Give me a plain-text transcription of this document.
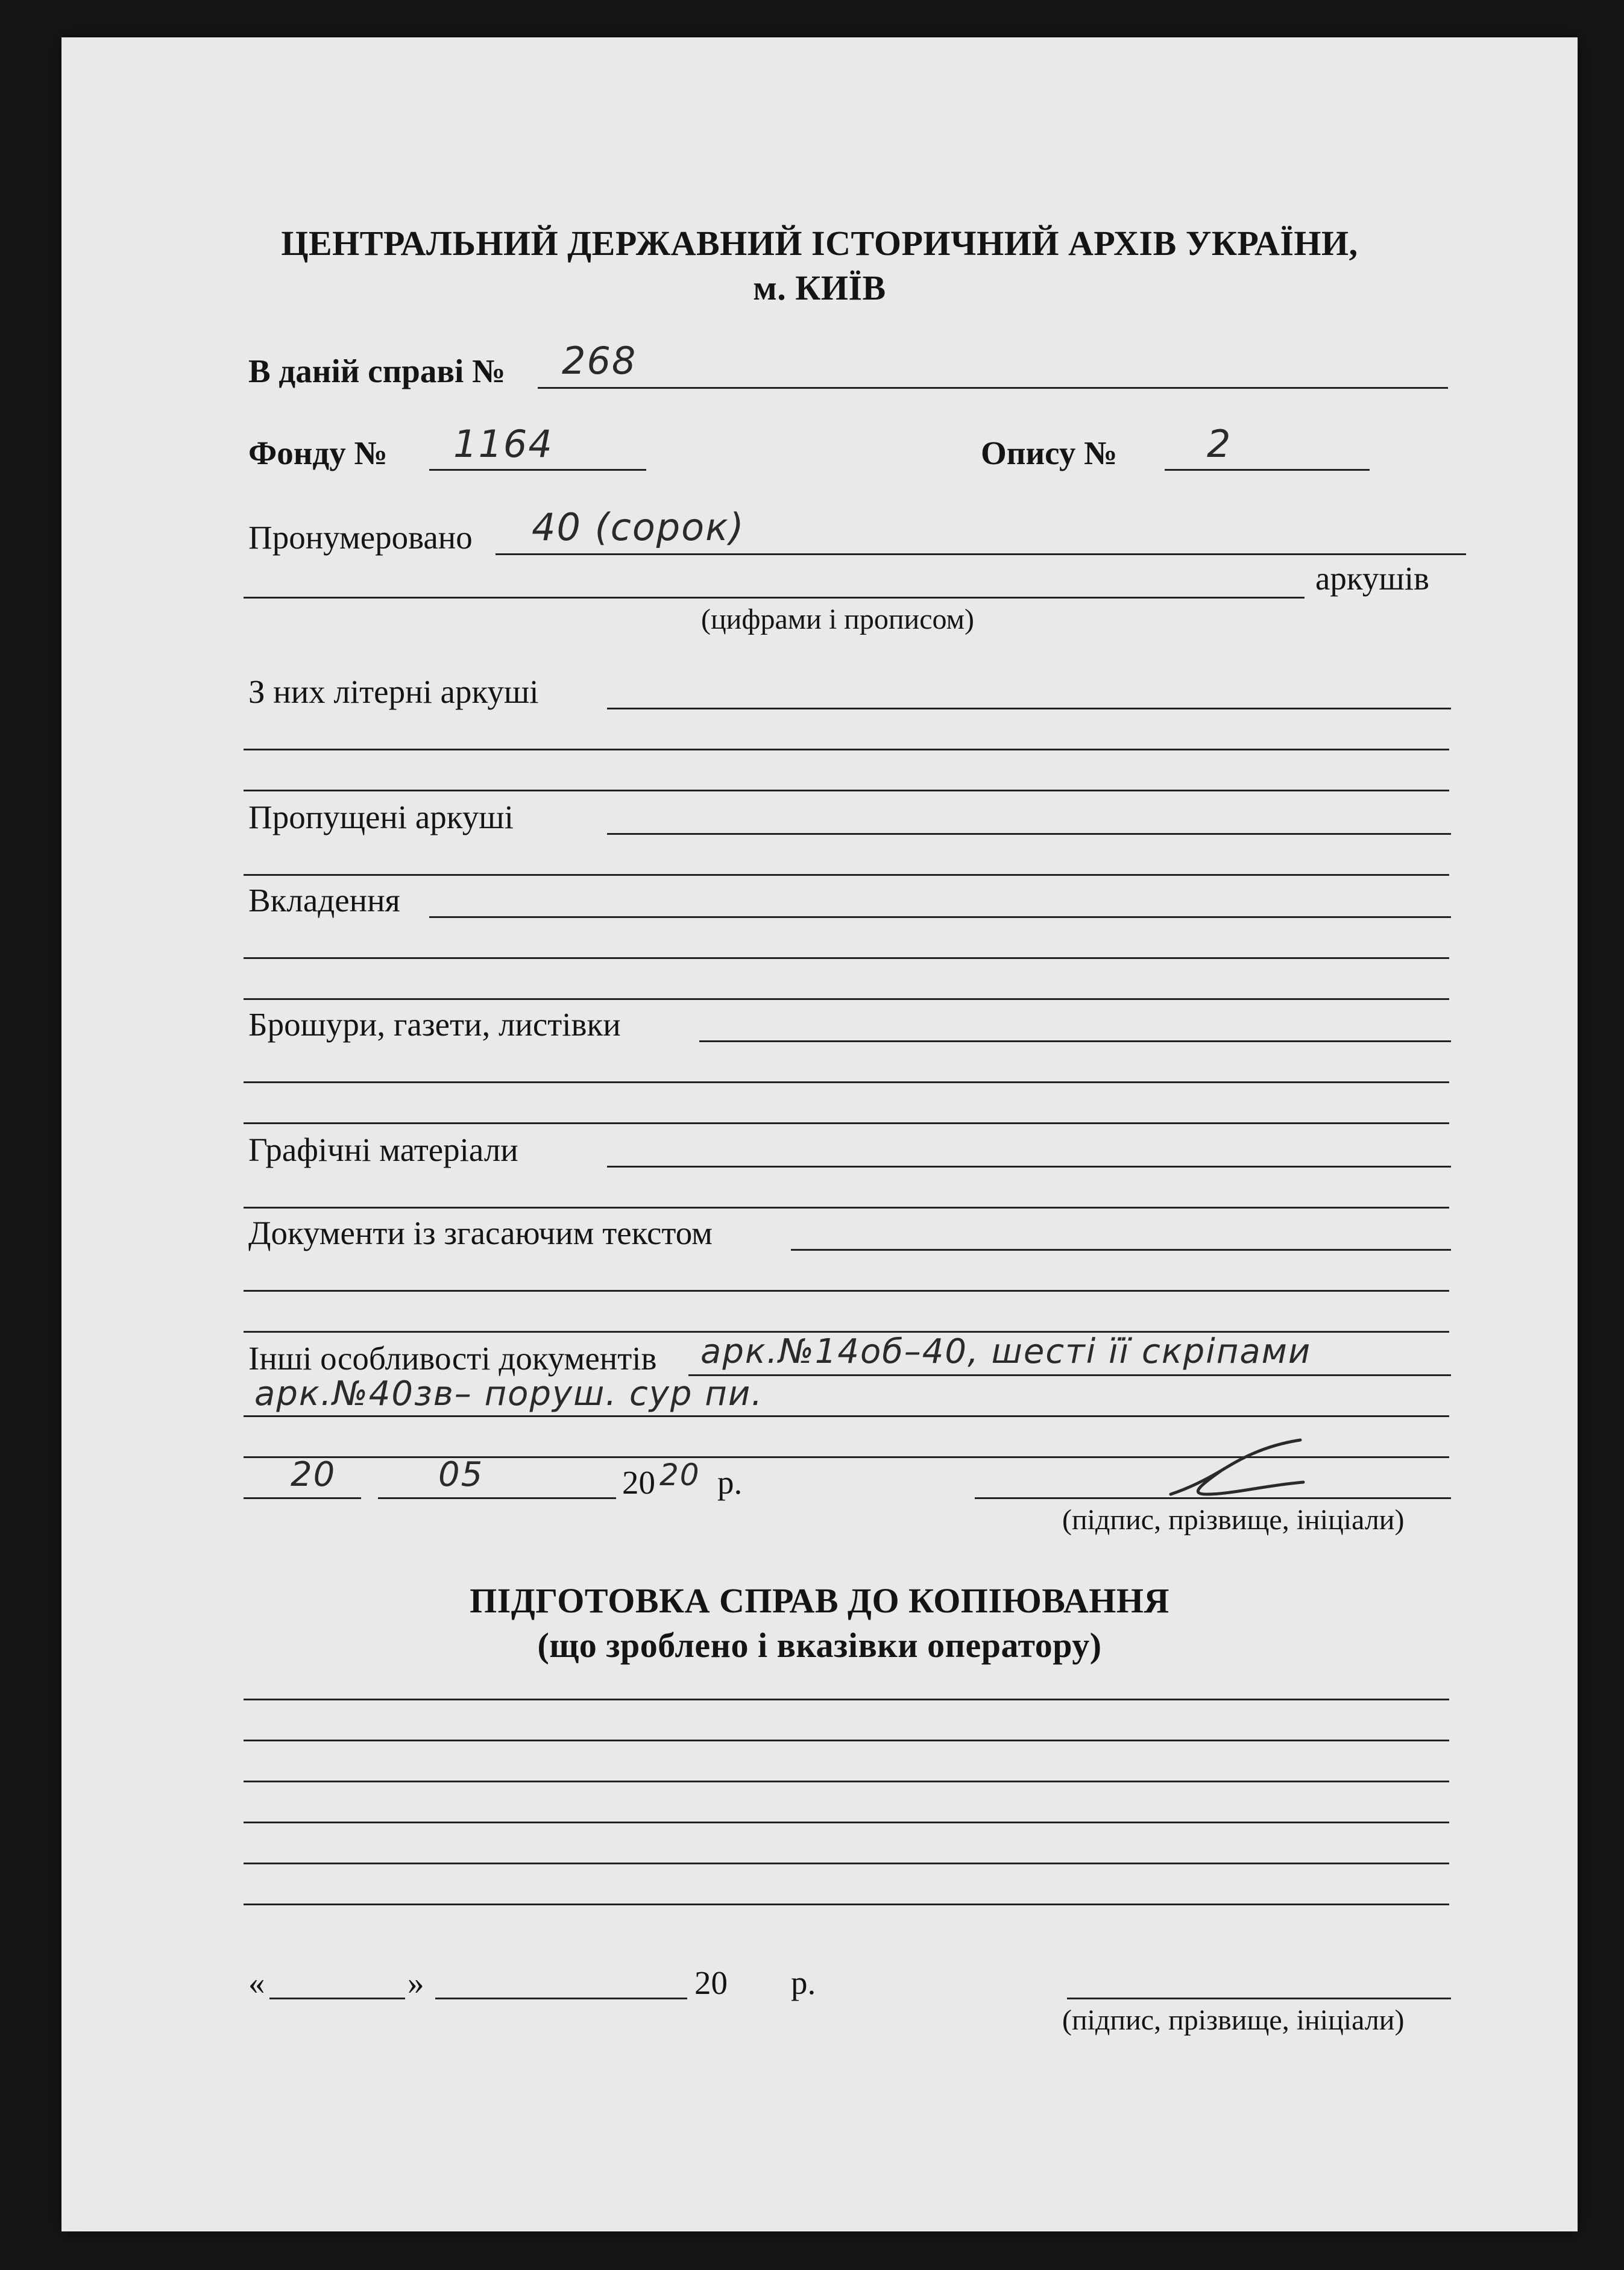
ЦЕНТРАЛЬНИЙ ДЕРЖАВНИЙ ІСТОРИЧНИЙ АРХІВ УКРАЇНИ,
м. КИЇВ
В даній справі № 268
Фонду № 1164	Опису № 2
Пронумеровано 40 (сорок)
аркушів
(цифрами і прописом)
З них літерні аркуші
Пропущені аркуші
Вкладення
Брошури, газети, листівки
Графічні матеріали
Документи із згасаючим текстом
Інші особливості документів арк.№14об–40, шесті її скріпами
арк.№40зв– поруш. сур пи.
20	05	20 20 р.
(підпис, прізвище, ініціали)
ПІДГОТОВКА СПРАВ ДО КОПІЮВАННЯ
(що зроблено і вказівки оператору)
«	»	20 р.
(підпис, прізвище, ініціали)
